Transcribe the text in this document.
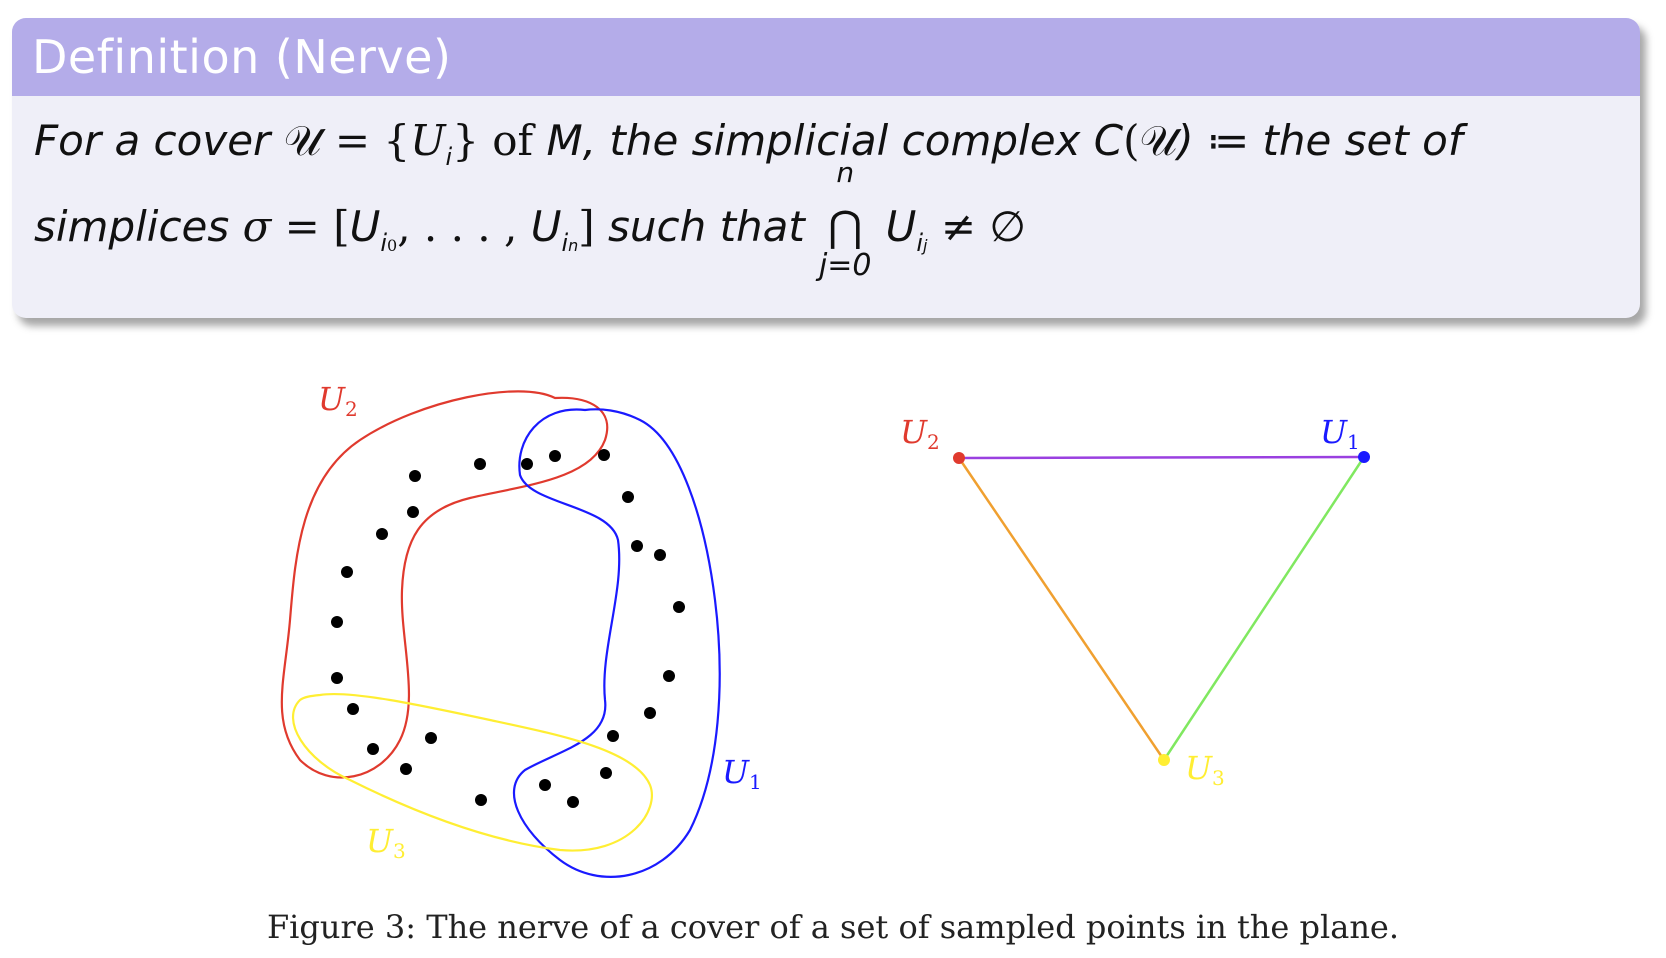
Definition (Nerve)
For a cover 𝒰 = $\{U_i\}$ of M, the simplicial complex C(𝒰) ≔ the set of
simplices $\sigma = [U_{i0}$, . . . , $U_{in}$] such that
n
⋂
j=0
$U_{ij}$ ≠ ∅
U2
U1
U3
U2	U1
U3
Figure 3: The nerve of a cover of a set of sampled points in the plane.
